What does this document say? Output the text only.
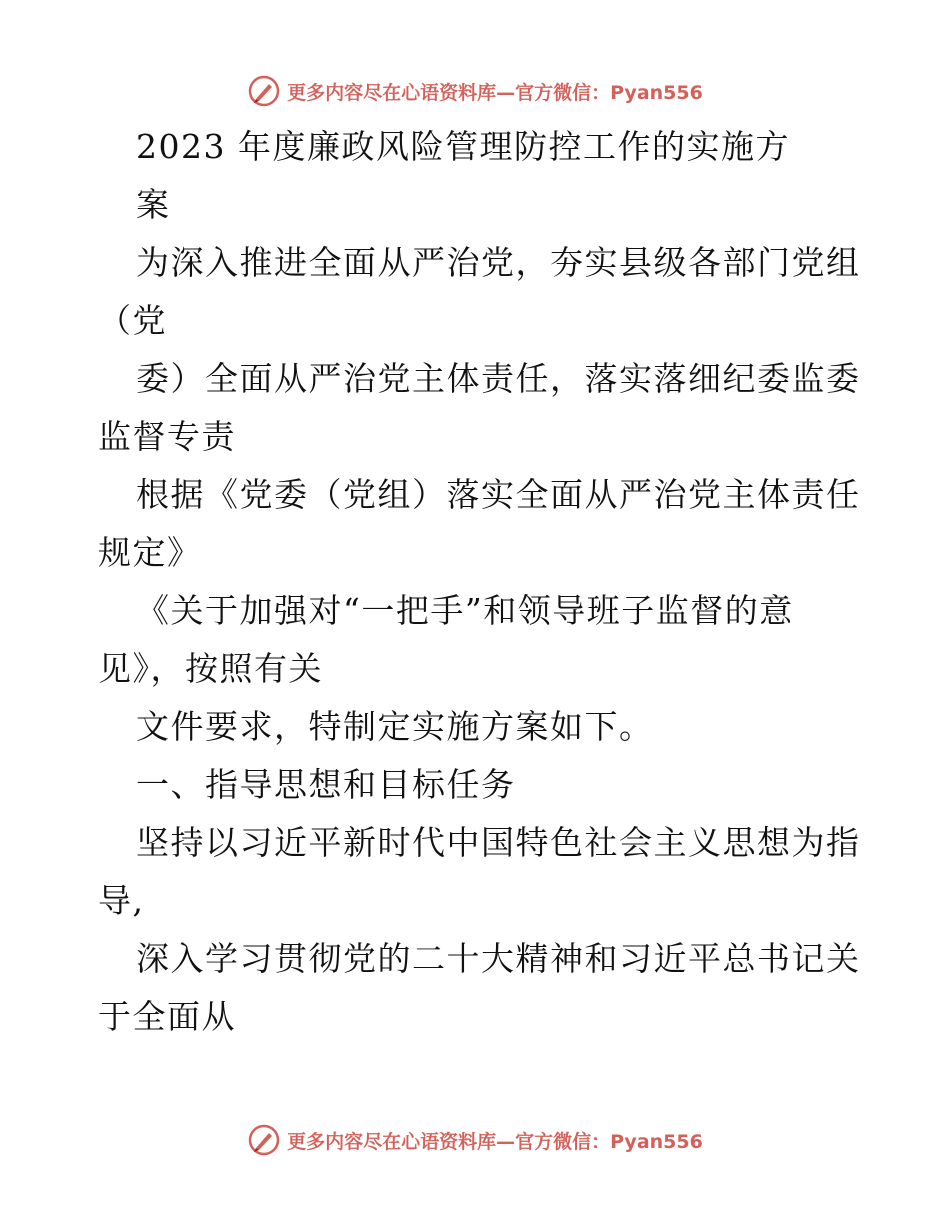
更多内容尽在心语资料库—官方微信：Pyan556
2023 年度廉政风险管理防控工作的实施方
案
为深入推进全面从严治党，夯实县级各部门党组
（党
委）全面从严治党主体责任，落实落细纪委监委
监督专责
根据《党委（党组）落实全面从严治党主体责任
规定》
《关于加强对“一把手”和领导班子监督的意
见》，按照有关
文件要求，特制定实施方案如下。
一、指导思想和目标任务
坚持以习近平新时代中国特色社会主义思想为指
导,
深入学习贯彻党的二十大精神和习近平总书记关
于全面从
更多内容尽在心语资料库—官方微信：Pyan556
